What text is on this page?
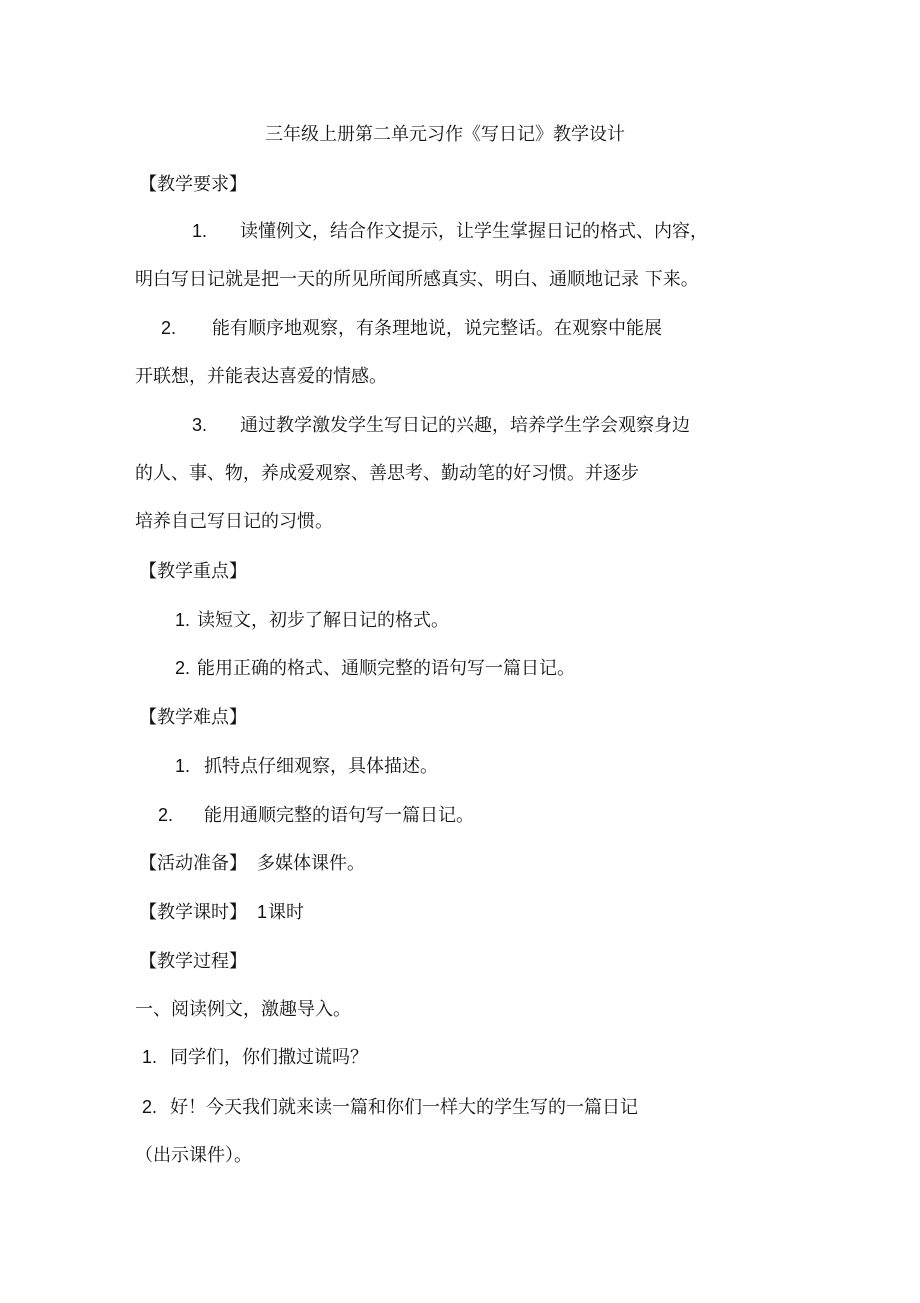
三年级上册第二单元习作《写日记》教学设计
【教学要求】
1. 读懂例文，结合作文提示，让学生掌握日记的格式、内容，
明白写日记就是把一天的所见所闻所感真实、明白、通顺地记录 下来。
2. 能有顺序地观察，有条理地说，说完整话。在观察中能展
开联想，并能表达喜爱的情感。
3. 通过教学激发学生写日记的兴趣，培养学生学会观察身边
的人、事、物，养成爱观察、善思考、勤动笔的好习惯。并逐步
培养自己写日记的习惯。
【教学重点】
1. 读短文，初步了解日记的格式。
2. 能用正确的格式、通顺完整的语句写一篇日记。
【教学难点】
1. 抓特点仔细观察，具体描述。
2. 能用通顺完整的语句写一篇日记。
【活动准备】 多媒体课件。
【教学课时】 1 课时
【教学过程】
一、阅读例文，激趣导入。
1. 同学们，你们撒过谎吗？
2. 好！今天我们就来读一篇和你们一样大的学生写的一篇日记
（出示课件）。
